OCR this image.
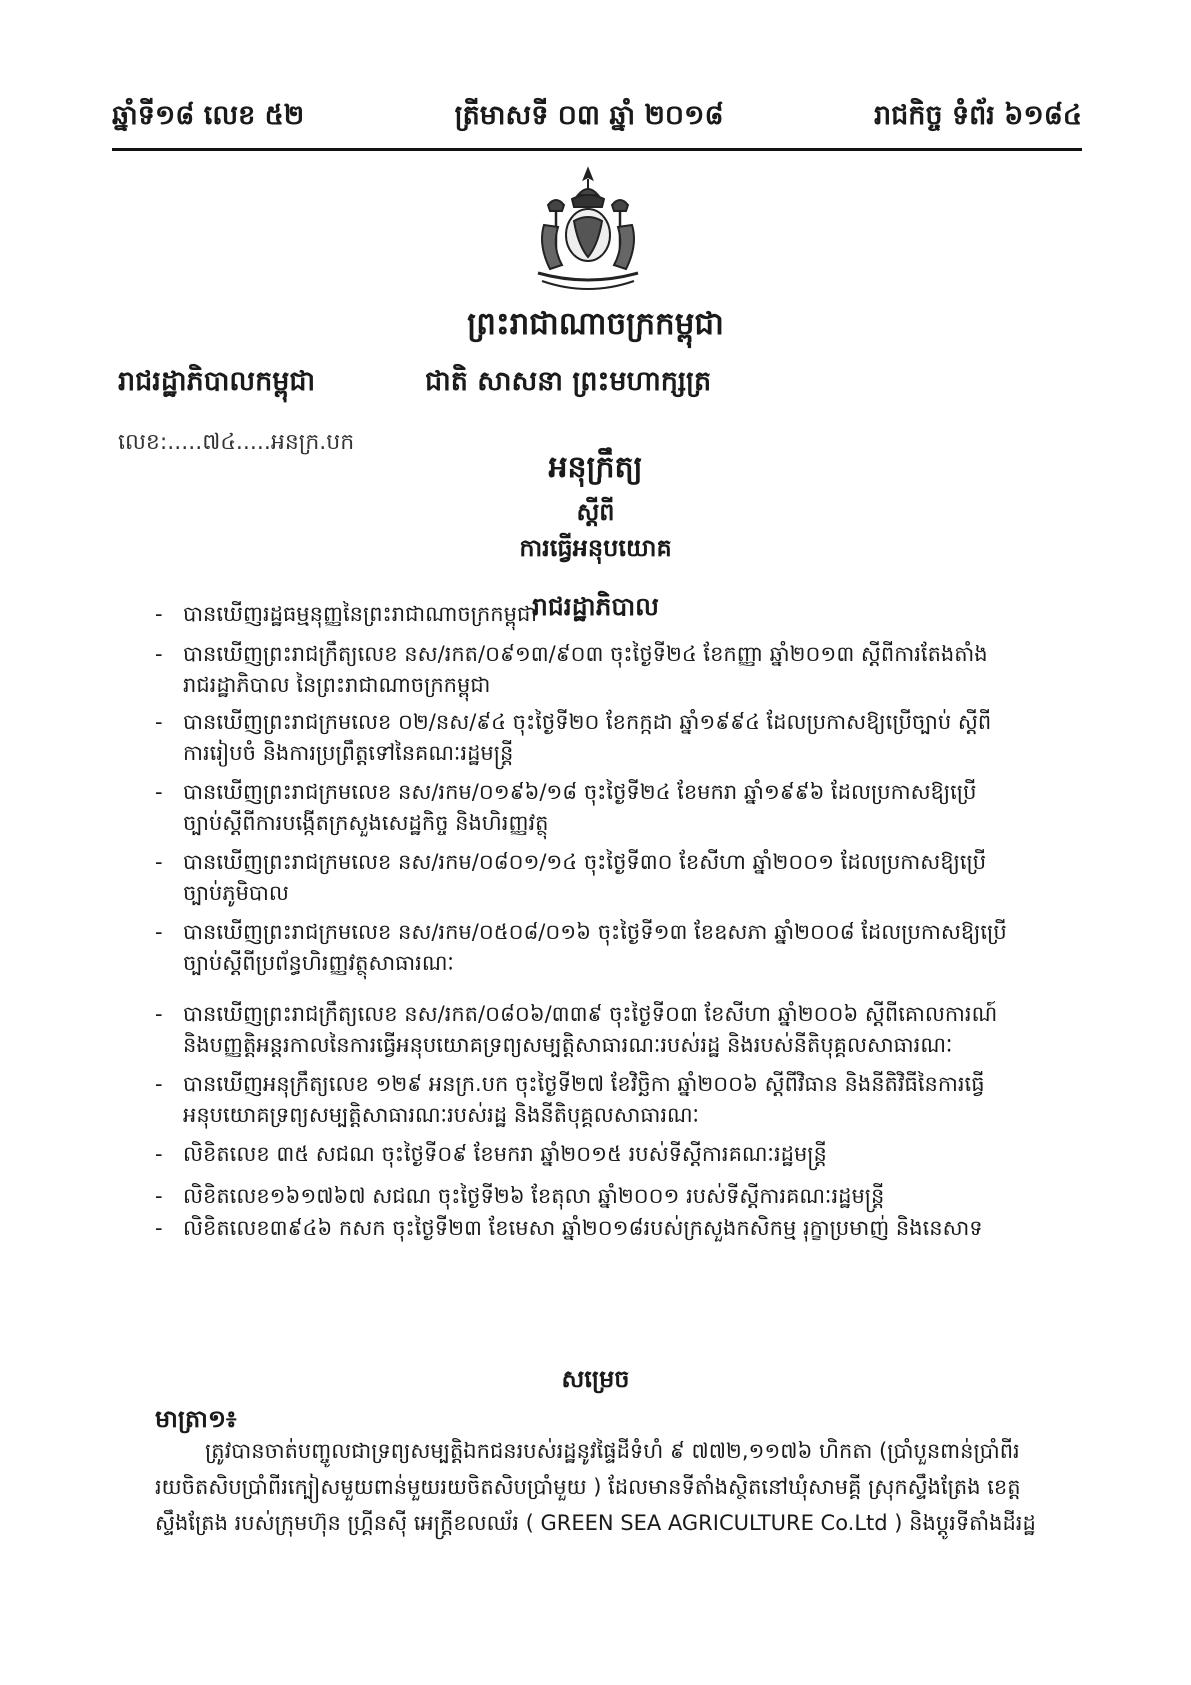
ឆ្នាំទី១៨ លេខ ៥២	ត្រីមាសទី ០៣ ឆ្នាំ ២០១៨	រាជកិច្ច ទំព័រ ៦១៨៤
ព្រះរាជាណាចក្រកម្ពុជា
រាជរដ្ឋាភិបាលកម្ពុជា	ជាតិ សាសនា ព្រះមហាក្សត្រ
លេខ:.....៧៤.....អនក្រ.បក
អនុក្រឹត្យ
ស្តីពី
ការធ្វើអនុបយោគ
រាជរដ្ឋាភិបាល
- បានឃើញរដ្ឋធម្មនុញ្ញនៃព្រះរាជាណាចក្រកម្ពុជា
- បានឃើញព្រះរាជក្រឹត្យលេខ នស/រកត/០៩១៣/៩០៣ ចុះថ្ងៃទី២៤ ខែកញ្ញា ឆ្នាំ២០១៣ ស្តីពីការតែងតាំង
រាជរដ្ឋាភិបាល នៃព្រះរាជាណាចក្រកម្ពុជា
- បានឃើញព្រះរាជក្រមលេខ ០២/នស/៩៤ ចុះថ្ងៃទី២០ ខែកក្កដា ឆ្នាំ១៩៩៤ ដែលប្រកាសឱ្យប្រើច្បាប់ ស្តីពី
ការរៀបចំ និងការប្រព្រឹត្តទៅនៃគណៈរដ្ឋមន្ត្រី
- បានឃើញព្រះរាជក្រមលេខ នស/រកម/០១៩៦/១៨ ចុះថ្ងៃទី២៤ ខែមករា ឆ្នាំ១៩៩៦ ដែលប្រកាសឱ្យប្រើ
ច្បាប់ស្តីពីការបង្កើតក្រសួងសេដ្ឋកិច្ច និងហិរញ្ញវត្ថុ
- បានឃើញព្រះរាជក្រមលេខ នស/រកម/០៨០១/១៤ ចុះថ្ងៃទី៣០ ខែសីហា ឆ្នាំ២០០១ ដែលប្រកាសឱ្យប្រើ
ច្បាប់ភូមិបាល
- បានឃើញព្រះរាជក្រមលេខ នស/រកម/០៥០៨/០១៦ ចុះថ្ងៃទី១៣ ខែឧសភា ឆ្នាំ២០០៨ ដែលប្រកាសឱ្យប្រើ
ច្បាប់ស្តីពីប្រព័ន្ធហិរញ្ញវត្ថុសាធារណៈ
- បានឃើញព្រះរាជក្រឹត្យលេខ នស/រកត/០៨០៦/៣៣៩ ចុះថ្ងៃទី០៣ ខែសីហា ឆ្នាំ២០០៦ ស្តីពីគោលការណ៍
និងបញ្ញត្តិអន្តរកាលនៃការធ្វើអនុបយោគទ្រព្យសម្បត្តិសាធារណៈរបស់រដ្ឋ និងរបស់នីតិបុគ្គលសាធារណៈ
- បានឃើញអនុក្រឹត្យលេខ ១២៩ អនក្រ.បក ចុះថ្ងៃទី២៧ ខែវិច្ឆិកា ឆ្នាំ២០០៦ ស្តីពីវិធាន និងនីតិវិធីនៃការធ្វើ
អនុបយោគទ្រព្យសម្បត្តិសាធារណៈរបស់រដ្ឋ និងនីតិបុគ្គលសាធារណៈ
- លិខិតលេខ ៣៥ សជណ ចុះថ្ងៃទី០៩ ខែមករា ឆ្នាំ២០១៥ របស់ទីស្តីការគណៈរដ្ឋមន្ត្រី
- លិខិតលេខ១៦១៧៦៧ សជណ ចុះថ្ងៃទី២៦ ខែតុលា ឆ្នាំ២០០១ របស់ទីស្តីការគណៈរដ្ឋមន្ត្រី
- លិខិតលេខ៣៩៤៦ កសក ចុះថ្ងៃទី២៣ ខែមេសា ឆ្នាំ២០១៨របស់ក្រសួងកសិកម្ម រុក្ខាប្រមាញ់ និងនេសាទ
សម្រេច
មាត្រា១៖
ត្រូវបានចាត់បញ្ចូលជាទ្រព្យសម្បត្តិឯកជនរបស់រដ្ឋនូវផ្ទៃដីទំហំ ៩ ៧៧២,១១៧៦ ហិកតា (ប្រាំបួនពាន់ប្រាំពីរ
រយចិតសិបប្រាំពីរក្បៀសមួយពាន់មួយរយចិតសិបប្រាំមួយ ) ដែលមានទីតាំងស្ថិតនៅឃុំសាមគ្គី ស្រុកស្ទឹងត្រែង ខេត្ត
ស្ទឹងត្រែង របស់ក្រុមហ៊ុន ហ្គ្រីនស៊ី អេក្រ្តីខលឈ័រ ( GREEN SEA AGRICULTURE Co.Ltd ) និងប្តូរទីតាំងដីរដ្ឋ
